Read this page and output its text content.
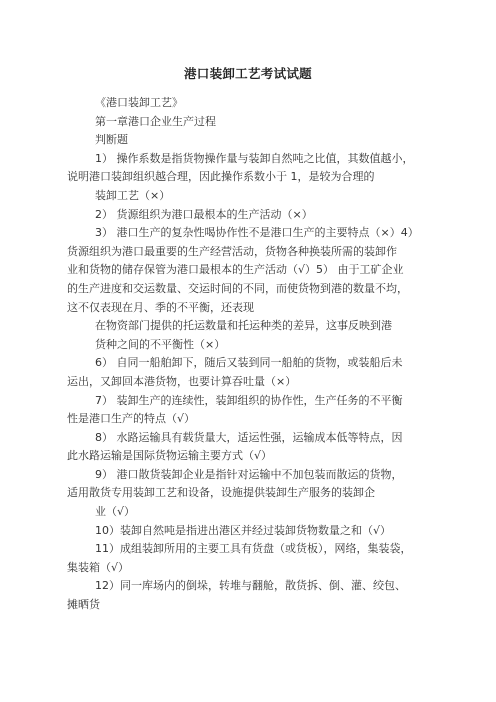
港口装卸工艺考试试题

《港口装卸工艺》

第一章港口企业生产过程

判断题

1） 操作系数是指货物操作量与装卸自然吨之比值，其数值越小，

说明港口装卸组织越合理，因此操作系数小于 1，是较为合理的

装卸工艺（×）

2） 货源组织为港口最根本的生产活动（×）

3） 港口生产的复杂性喝协作性不是港口生产的主要特点（×）4）

货源组织为港口最重要的生产经营活动，货物各种换装所需的装卸作

业和货物的储存保管为港口最根本的生产活动（√）5） 由于工矿企业

的生产进度和交运数量、交运时间的不同，而使货物到港的数量不均，

这不仅表现在月、季的不平衡，还表现

在物资部门提供的托运数量和托运种类的差异，这事反映到港

货种之间的不平衡性（×）

6） 自同一船舶卸下，随后又装到同一船舶的货物，或装船后未

运出，又卸回本港货物，也要计算吞吐量（×）

7） 装卸生产的连续性，装卸组织的协作性，生产任务的不平衡

性是港口生产的特点（√）

8） 水路运输具有载货量大，适运性强，运输成本低等特点，因

此水路运输是国际货物运输主要方式（√）

9） 港口散货装卸企业是指针对运输中不加包装而散运的货物，

适用散货专用装卸工艺和设备，设施提供装卸生产服务的装卸企

业（√）

10）装卸自然吨是指进出港区并经过装卸货物数量之和（√）

11）成组装卸所用的主要工具有货盘（或货板），网络，集装袋，

集装箱（√）

12）同一库场内的倒垛，转堆与翻舱，散货拆、倒、灌、绞包、

摊晒货
